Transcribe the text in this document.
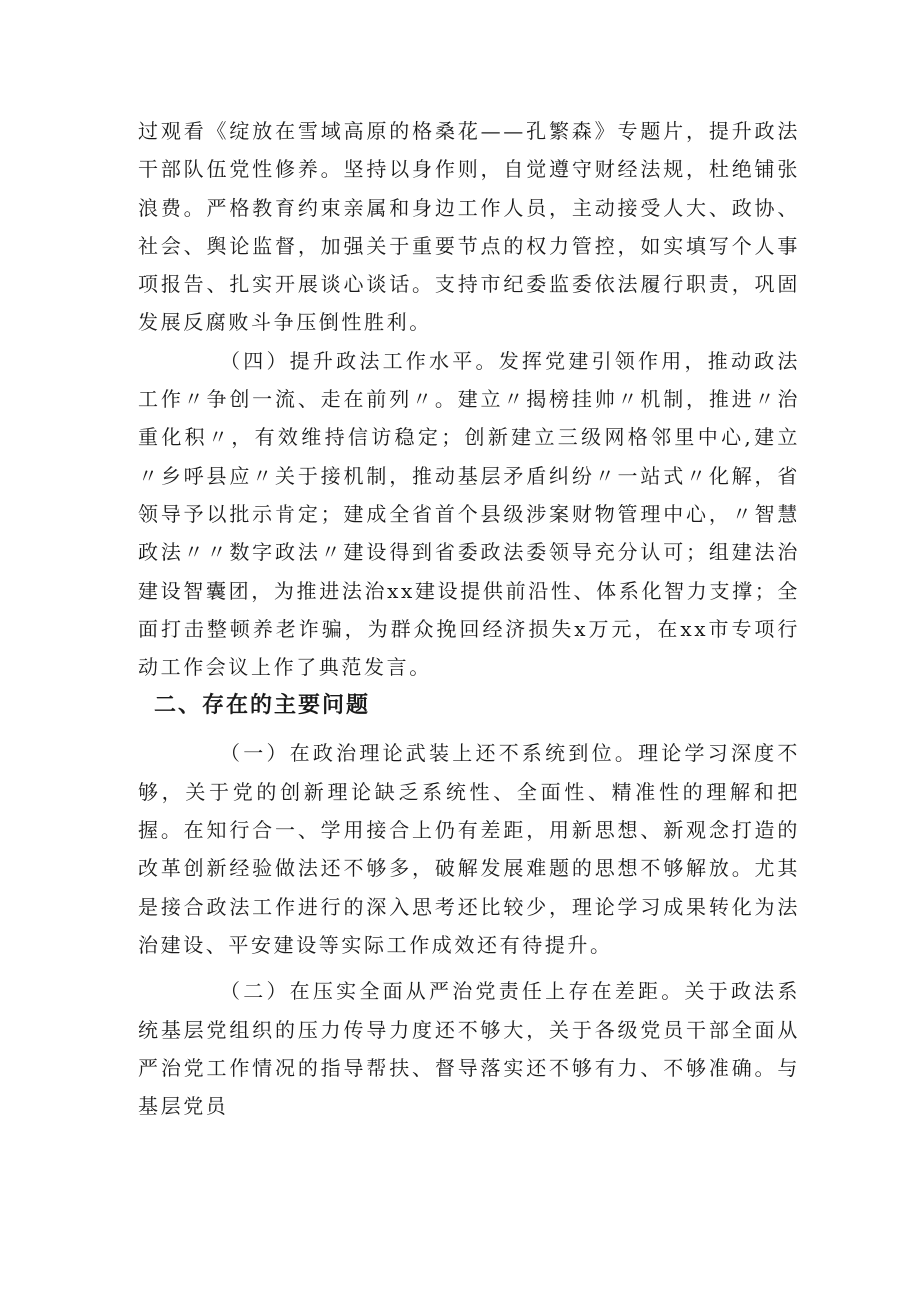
过观看《绽放在雪域高原的格桑花——孔繁森》专题片，提升政法干部队伍党性修养。坚持以身作则，自觉遵守财经法规，杜绝铺张浪费。严格教育约束亲属和身边工作人员，主动接受人大、政协、社会、舆论监督，加强关于重要节点的权力管控，如实填写个人事项报告、扎实开展谈心谈话。支持市纪委监委依法履行职责，巩固发展反腐败斗争压倒性胜利。

（四）提升政法工作水平。发挥党建引领作用，推动政法工作〃争创一流、走在前列〃。建立〃揭榜挂帅〃机制，推进〃治重化积〃，有效维持信访稳定；创新建立三级网格邻里中心,建立〃乡呼县应〃关于接机制，推动基层矛盾纠纷〃一站式〃化解，省领导予以批示肯定；建成全省首个县级涉案财物管理中心，〃智慧政法〃〃数字政法〃建设得到省委政法委领导充分认可；组建法治建设智囊团，为推进法治xx建设提供前沿性、体系化智力支撑；全面打击整顿养老诈骗，为群众挽回经济损失x万元，在xx市专项行动工作会议上作了典范发言。

二、存在的主要问题

（一）在政治理论武装上还不系统到位。理论学习深度不够，关于党的创新理论缺乏系统性、全面性、精准性的理解和把握。在知行合一、学用接合上仍有差距，用新思想、新观念打造的改革创新经验做法还不够多，破解发展难题的思想不够解放。尤其是接合政法工作进行的深入思考还比较少，理论学习成果转化为法治建设、平安建设等实际工作成效还有待提升。

（二）在压实全面从严治党责任上存在差距。关于政法系统基层党组织的压力传导力度还不够大，关于各级党员干部全面从严治党工作情况的指导帮扶、督导落实还不够有力、不够准确。与基层党员
